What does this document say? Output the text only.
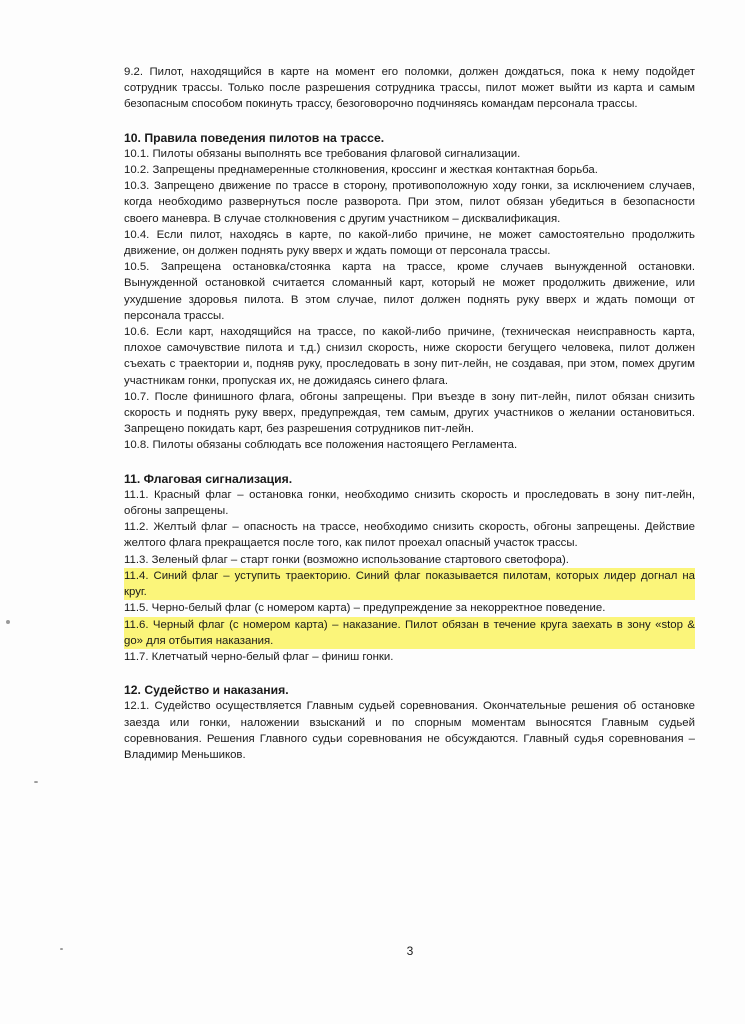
9.2. Пилот, находящийся в карте на момент его поломки, должен дождаться, пока к нему подойдет сотрудник трассы. Только после разрешения сотрудника трассы, пилот может выйти из карта и самым безопасным способом покинуть трассу, безоговорочно подчиняясь командам персонала трассы.

10. Правила поведения пилотов на трассе.

10.1. Пилоты обязаны выполнять все требования флаговой сигнализации.

10.2. Запрещены преднамеренные столкновения, кроссинг и жесткая контактная борьба.

10.3. Запрещено движение по трассе в сторону, противоположную ходу гонки, за исключением случаев, когда необходимо развернуться после разворота. При этом, пилот обязан убедиться в безопасности своего маневра. В случае столкновения с другим участником – дисквалификация.

10.4. Если пилот, находясь в карте, по какой-либо причине, не может самостоятельно продолжить движение, он должен поднять руку вверх и ждать помощи от персонала трассы.

10.5. Запрещена остановка/стоянка карта на трассе, кроме случаев вынужденной остановки. Вынужденной остановкой считается сломанный карт, который не может продолжить движение, или ухудшение здоровья пилота. В этом случае, пилот должен поднять руку вверх и ждать помощи от персонала трассы.

10.6. Если карт, находящийся на трассе, по какой-либо причине, (техническая неисправность карта, плохое самочувствие пилота и т.д.) снизил скорость, ниже скорости бегущего человека, пилот должен съехать с траектории и, подняв руку, проследовать в зону пит-лейн, не создавая, при этом, помех другим участникам гонки, пропуская их, не дожидаясь синего флага.

10.7. После финишного флага, обгоны запрещены. При въезде в зону пит-лейн, пилот обязан снизить скорость и поднять руку вверх, предупреждая, тем самым, других участников о желании остановиться. Запрещено покидать карт, без разрешения сотрудников пит-лейн.

10.8. Пилоты обязаны соблюдать все положения настоящего Регламента.

11. Флаговая сигнализация.

11.1. Красный флаг – остановка гонки, необходимо снизить скорость и проследовать в зону пит-лейн, обгоны запрещены.

11.2. Желтый флаг – опасность на трассе, необходимо снизить скорость, обгоны запрещены. Действие желтого флага прекращается после того, как пилот проехал опасный участок трассы.

11.3. Зеленый флаг – старт гонки (возможно использование стартового светофора).

11.4. Синий флаг – уступить траекторию. Синий флаг показывается пилотам, которых лидер догнал на круг.

11.5. Черно-белый флаг (с номером карта) – предупреждение за некорректное поведение.

11.6. Черный флаг (с номером карта) – наказание. Пилот обязан в течение круга заехать в зону «stop & go» для отбытия наказания.

11.7. Клетчатый черно-белый флаг – финиш гонки.

12. Судейство и наказания.

12.1. Судейство осуществляется Главным судьей соревнования. Окончательные решения об остановке заезда или гонки, наложении взысканий и по спорным моментам выносятся Главным судьей соревнования. Решения Главного судьи соревнования не обсуждаются. Главный судья соревнования – Владимир Меньшиков.

3
